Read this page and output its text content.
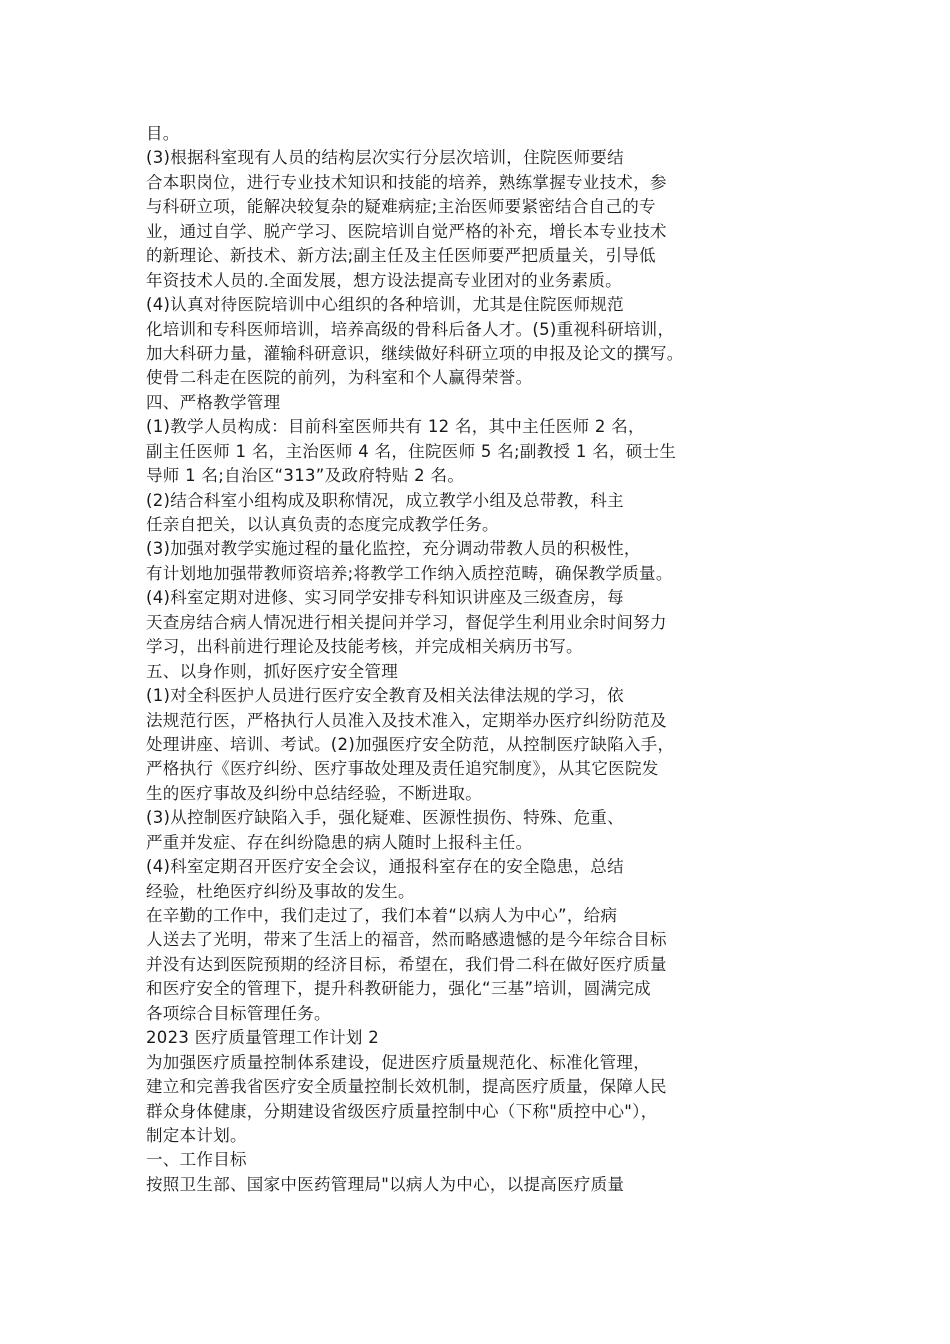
目。
(3)根据科室现有人员的结构层次实行分层次培训，住院医师要结
合本职岗位，进行专业技术知识和技能的培养，熟练掌握专业技术，参
与科研立项，能解决较复杂的疑难病症;主治医师要紧密结合自己的专
业，通过自学、脱产学习、医院培训自觉严格的补充，增长本专业技术
的新理论、新技术、新方法;副主任及主任医师要严把质量关，引导低
年资技术人员的.全面发展，想方设法提高专业团对的业务素质。
(4)认真对待医院培训中心组织的各种培训，尤其是住院医师规范
化培训和专科医师培训，培养高级的骨科后备人才。(5)重视科研培训，
加大科研力量，灌输科研意识，继续做好科研立项的申报及论文的撰写。
使骨二科走在医院的前列，为科室和个人赢得荣誉。
四、严格教学管理
(1)教学人员构成：目前科室医师共有 12 名，其中主任医师 2 名，
副主任医师 1 名，主治医师 4 名，住院医师 5 名;副教授 1 名，硕士生
导师 1 名;自治区“313”及政府特贴 2 名。
(2)结合科室小组构成及职称情况，成立教学小组及总带教，科主
任亲自把关，以认真负责的态度完成教学任务。
(3)加强对教学实施过程的量化监控，充分调动带教人员的积极性，
有计划地加强带教师资培养;将教学工作纳入质控范畴，确保教学质量。
(4)科室定期对进修、实习同学安排专科知识讲座及三级查房，每
天查房结合病人情况进行相关提问并学习，督促学生利用业余时间努力
学习，出科前进行理论及技能考核，并完成相关病历书写。
五、以身作则，抓好医疗安全管理
(1)对全科医护人员进行医疗安全教育及相关法律法规的学习，依
法规范行医，严格执行人员准入及技术准入，定期举办医疗纠纷防范及
处理讲座、培训、考试。(2)加强医疗安全防范，从控制医疗缺陷入手，
严格执行《医疗纠纷、医疗事故处理及责任追究制度》，从其它医院发
生的医疗事故及纠纷中总结经验，不断进取。
(3)从控制医疗缺陷入手，强化疑难、医源性损伤、特殊、危重、
严重并发症、存在纠纷隐患的病人随时上报科主任。
(4)科室定期召开医疗安全会议，通报科室存在的安全隐患，总结
经验，杜绝医疗纠纷及事故的发生。
在辛勤的工作中，我们走过了，我们本着“以病人为中心”，给病
人送去了光明，带来了生活上的福音，然而略感遗憾的是今年综合目标
并没有达到医院预期的经济目标，希望在，我们骨二科在做好医疗质量
和医疗安全的管理下，提升科教研能力，强化“三基”培训，圆满完成
各项综合目标管理任务。
2023 医疗质量管理工作计划 2
为加强医疗质量控制体系建设，促进医疗质量规范化、标准化管理，
建立和完善我省医疗安全质量控制长效机制，提高医疗质量，保障人民
群众身体健康，分期建设省级医疗质量控制中心（下称"质控中心"），
制定本计划。
一、工作目标
按照卫生部、国家中医药管理局"以病人为中心，以提高医疗质量
